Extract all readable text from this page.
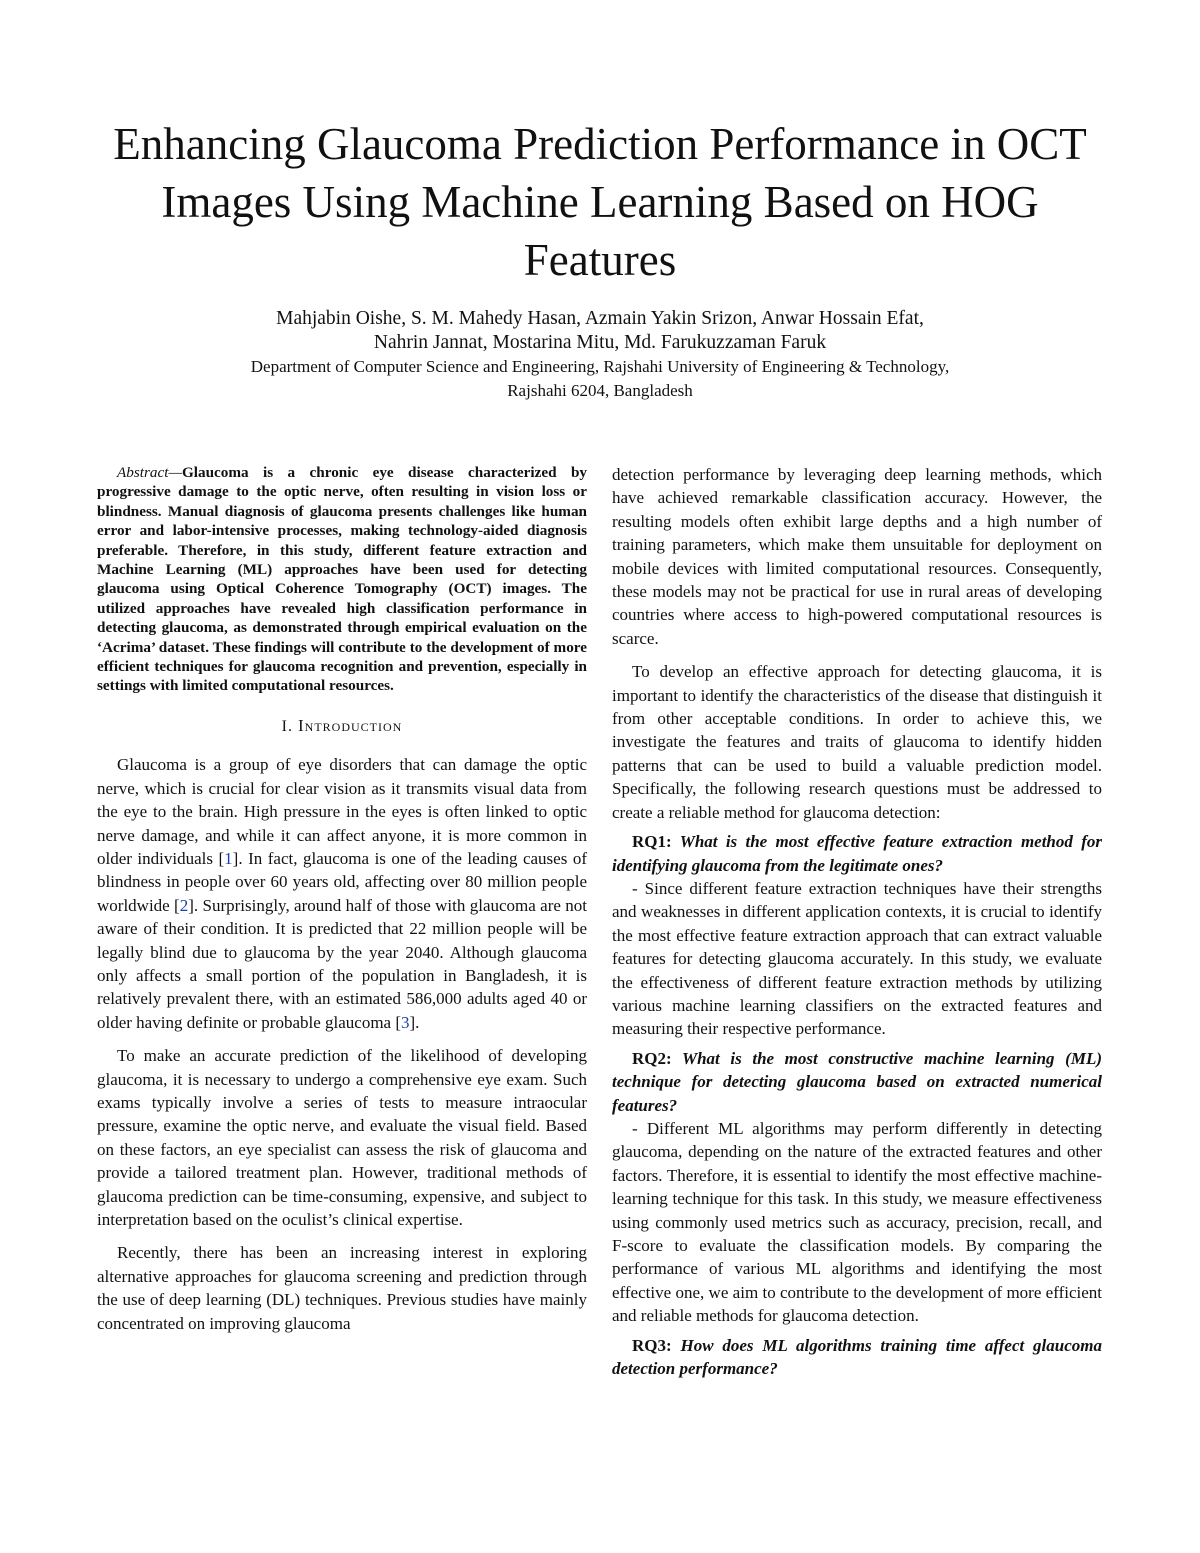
Enhancing Glaucoma Prediction Performance in OCT Images Using Machine Learning Based on HOG Features
Mahjabin Oishe, S. M. Mahedy Hasan, Azmain Yakin Srizon, Anwar Hossain Efat,
Nahrin Jannat, Mostarina Mitu, Md. Farukuzzaman Faruk
Department of Computer Science and Engineering, Rajshahi University of Engineering & Technology,
Rajshahi 6204, Bangladesh

Abstract—Glaucoma is a chronic eye disease characterized by progressive damage to the optic nerve, often resulting in vision loss or blindness. Manual diagnosis of glaucoma presents challenges like human error and labor-intensive processes, making technology-aided diagnosis preferable. Therefore, in this study, different feature extraction and Machine Learning (ML) approaches have been used for detecting glaucoma using Optical Coherence Tomography (OCT) images. The utilized approaches have revealed high classification performance in detecting glaucoma, as demonstrated through empirical evaluation on the ‘Acrima’ dataset. These findings will contribute to the development of more efficient techniques for glaucoma recognition and prevention, especially in settings with limited computational resources.

I. Introduction

Glaucoma is a group of eye disorders that can damage the optic nerve, which is crucial for clear vision as it transmits visual data from the eye to the brain. High pressure in the eyes is often linked to optic nerve damage, and while it can affect anyone, it is more common in older individuals [1]. In fact, glaucoma is one of the leading causes of blindness in people over 60 years old, affecting over 80 million people worldwide [2]. Surprisingly, around half of those with glaucoma are not aware of their condition. It is predicted that 22 million people will be legally blind due to glaucoma by the year 2040. Although glaucoma only affects a small portion of the population in Bangladesh, it is relatively prevalent there, with an estimated 586,000 adults aged 40 or older having definite or probable glaucoma [3].

To make an accurate prediction of the likelihood of developing glaucoma, it is necessary to undergo a comprehensive eye exam. Such exams typically involve a series of tests to measure intraocular pressure, examine the optic nerve, and evaluate the visual field. Based on these factors, an eye specialist can assess the risk of glaucoma and provide a tailored treatment plan. However, traditional methods of glaucoma prediction can be time-consuming, expensive, and subject to interpretation based on the oculist’s clinical expertise.

Recently, there has been an increasing interest in exploring alternative approaches for glaucoma screening and prediction through the use of deep learning (DL) techniques. Previous studies have mainly concentrated on improving glaucoma

detection performance by leveraging deep learning methods, which have achieved remarkable classification accuracy. However, the resulting models often exhibit large depths and a high number of training parameters, which make them unsuitable for deployment on mobile devices with limited computational resources. Consequently, these models may not be practical for use in rural areas of developing countries where access to high-powered computational resources is scarce.

To develop an effective approach for detecting glaucoma, it is important to identify the characteristics of the disease that distinguish it from other acceptable conditions. In order to achieve this, we investigate the features and traits of glaucoma to identify hidden patterns that can be used to build a valuable prediction model. Specifically, the following research questions must be addressed to create a reliable method for glaucoma detection:

RQ1: What is the most effective feature extraction method for identifying glaucoma from the legitimate ones?

- Since different feature extraction techniques have their strengths and weaknesses in different application contexts, it is crucial to identify the most effective feature extraction approach that can extract valuable features for detecting glaucoma accurately. In this study, we evaluate the effectiveness of different feature extraction methods by utilizing various machine learning classifiers on the extracted features and measuring their respective performance.

RQ2: What is the most constructive machine learning (ML) technique for detecting glaucoma based on extracted numerical features?

- Different ML algorithms may perform differently in detecting glaucoma, depending on the nature of the extracted features and other factors. Therefore, it is essential to identify the most effective machine-learning technique for this task. In this study, we measure effectiveness using commonly used metrics such as accuracy, precision, recall, and F-score to evaluate the classification models. By comparing the performance of various ML algorithms and identifying the most effective one, we aim to contribute to the development of more efficient and reliable methods for glaucoma detection.

RQ3: How does ML algorithms training time affect glaucoma detection performance?
